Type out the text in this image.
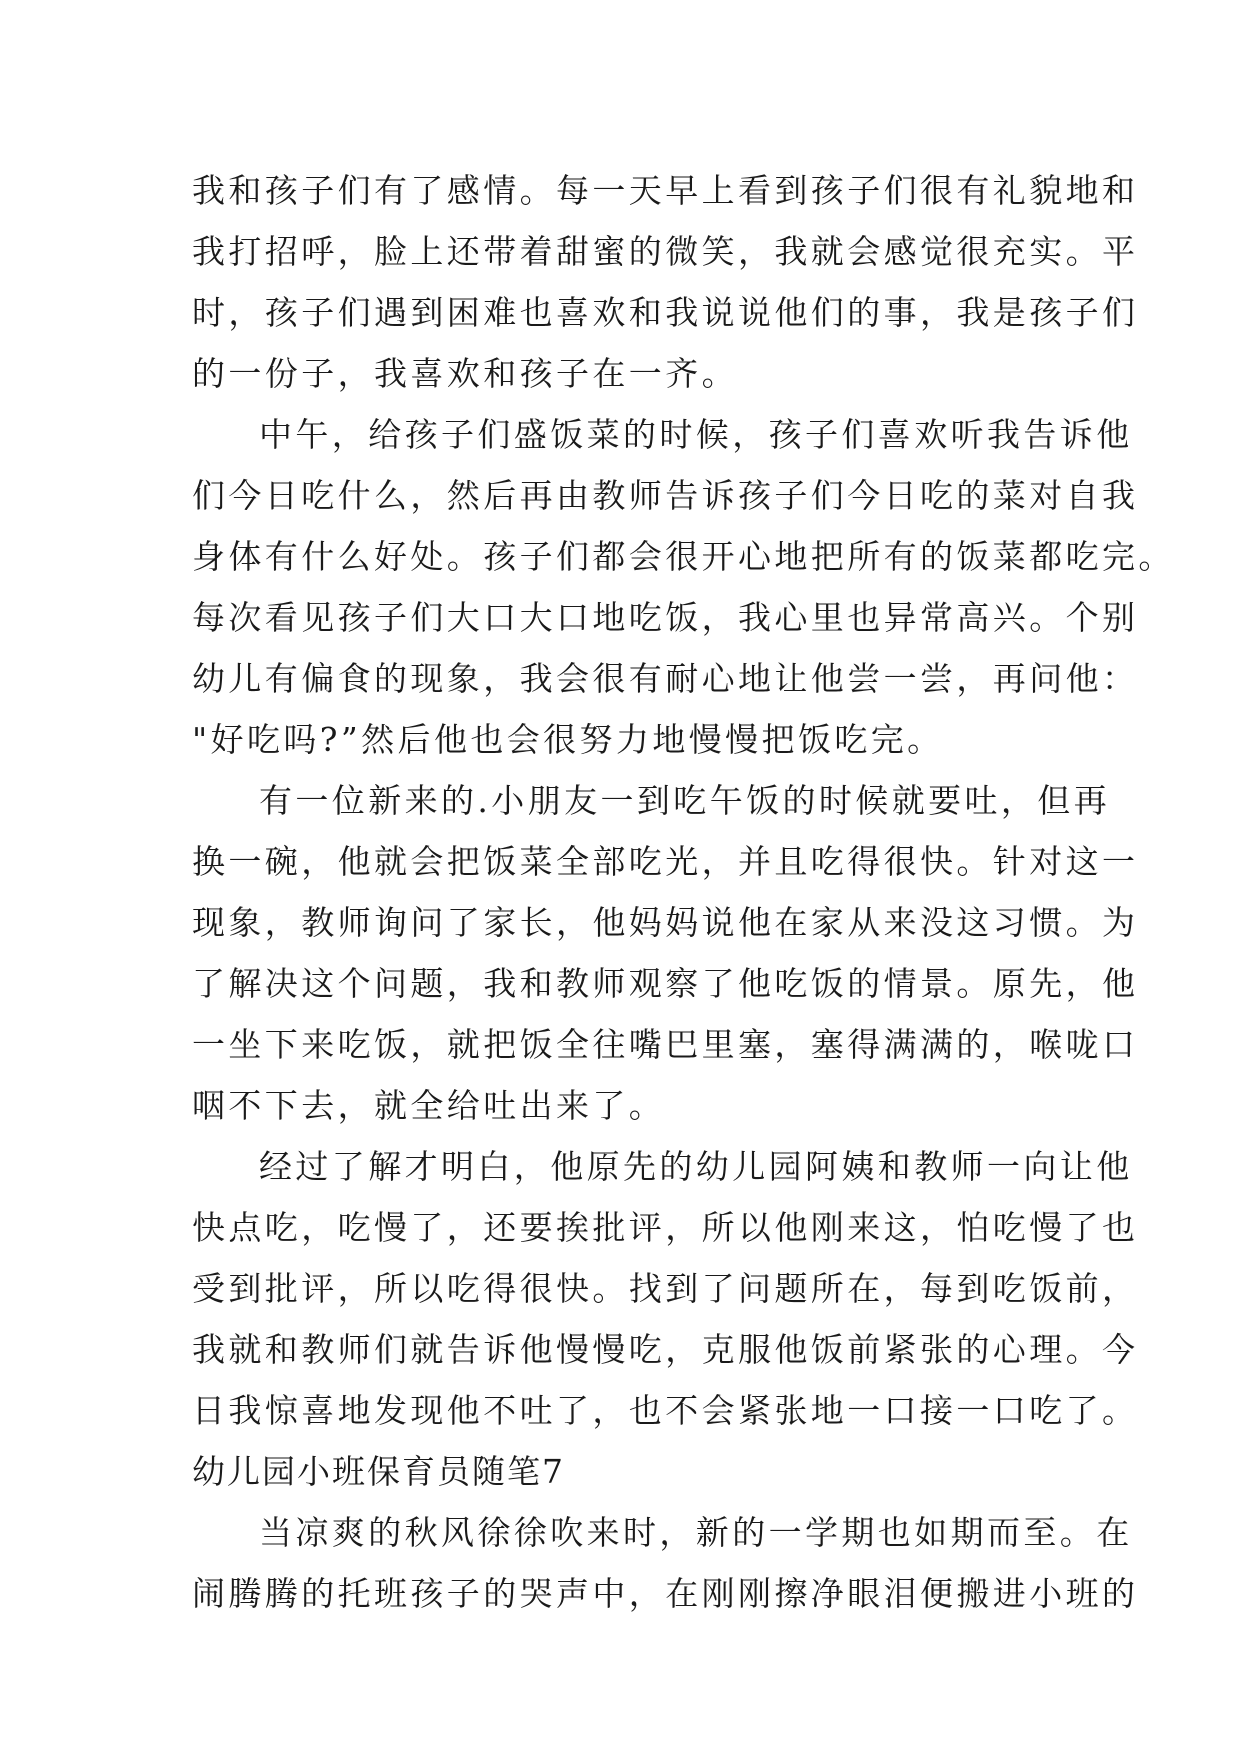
我和孩子们有了感情。每一天早上看到孩子们很有礼貌地和
我打招呼，脸上还带着甜蜜的微笑，我就会感觉很充实。平
时，孩子们遇到困难也喜欢和我说说他们的事，我是孩子们
的一份子，我喜欢和孩子在一齐。
中午，给孩子们盛饭菜的时候，孩子们喜欢听我告诉他
们今日吃什么，然后再由教师告诉孩子们今日吃的菜对自我
身体有什么好处。孩子们都会很开心地把所有的饭菜都吃完。
每次看见孩子们大口大口地吃饭，我心里也异常高兴。个别
幼儿有偏食的现象，我会很有耐心地让他尝一尝，再问他：
"好吃吗?”然后他也会很努力地慢慢把饭吃完。
有一位新来的.小朋友一到吃午饭的时候就要吐，但再
换一碗，他就会把饭菜全部吃光，并且吃得很快。针对这一
现象，教师询问了家长，他妈妈说他在家从来没这习惯。为
了解决这个问题，我和教师观察了他吃饭的情景。原先，他
一坐下来吃饭，就把饭全往嘴巴里塞，塞得满满的，喉咙口
咽不下去，就全给吐出来了。
经过了解才明白，他原先的幼儿园阿姨和教师一向让他
快点吃，吃慢了，还要挨批评，所以他刚来这，怕吃慢了也
受到批评，所以吃得很快。找到了问题所在，每到吃饭前，
我就和教师们就告诉他慢慢吃，克服他饭前紧张的心理。今
日我惊喜地发现他不吐了，也不会紧张地一口接一口吃了。
幼儿园小班保育员随笔7
当凉爽的秋风徐徐吹来时，新的一学期也如期而至。在
闹腾腾的托班孩子的哭声中，在刚刚擦净眼泪便搬进小班的
